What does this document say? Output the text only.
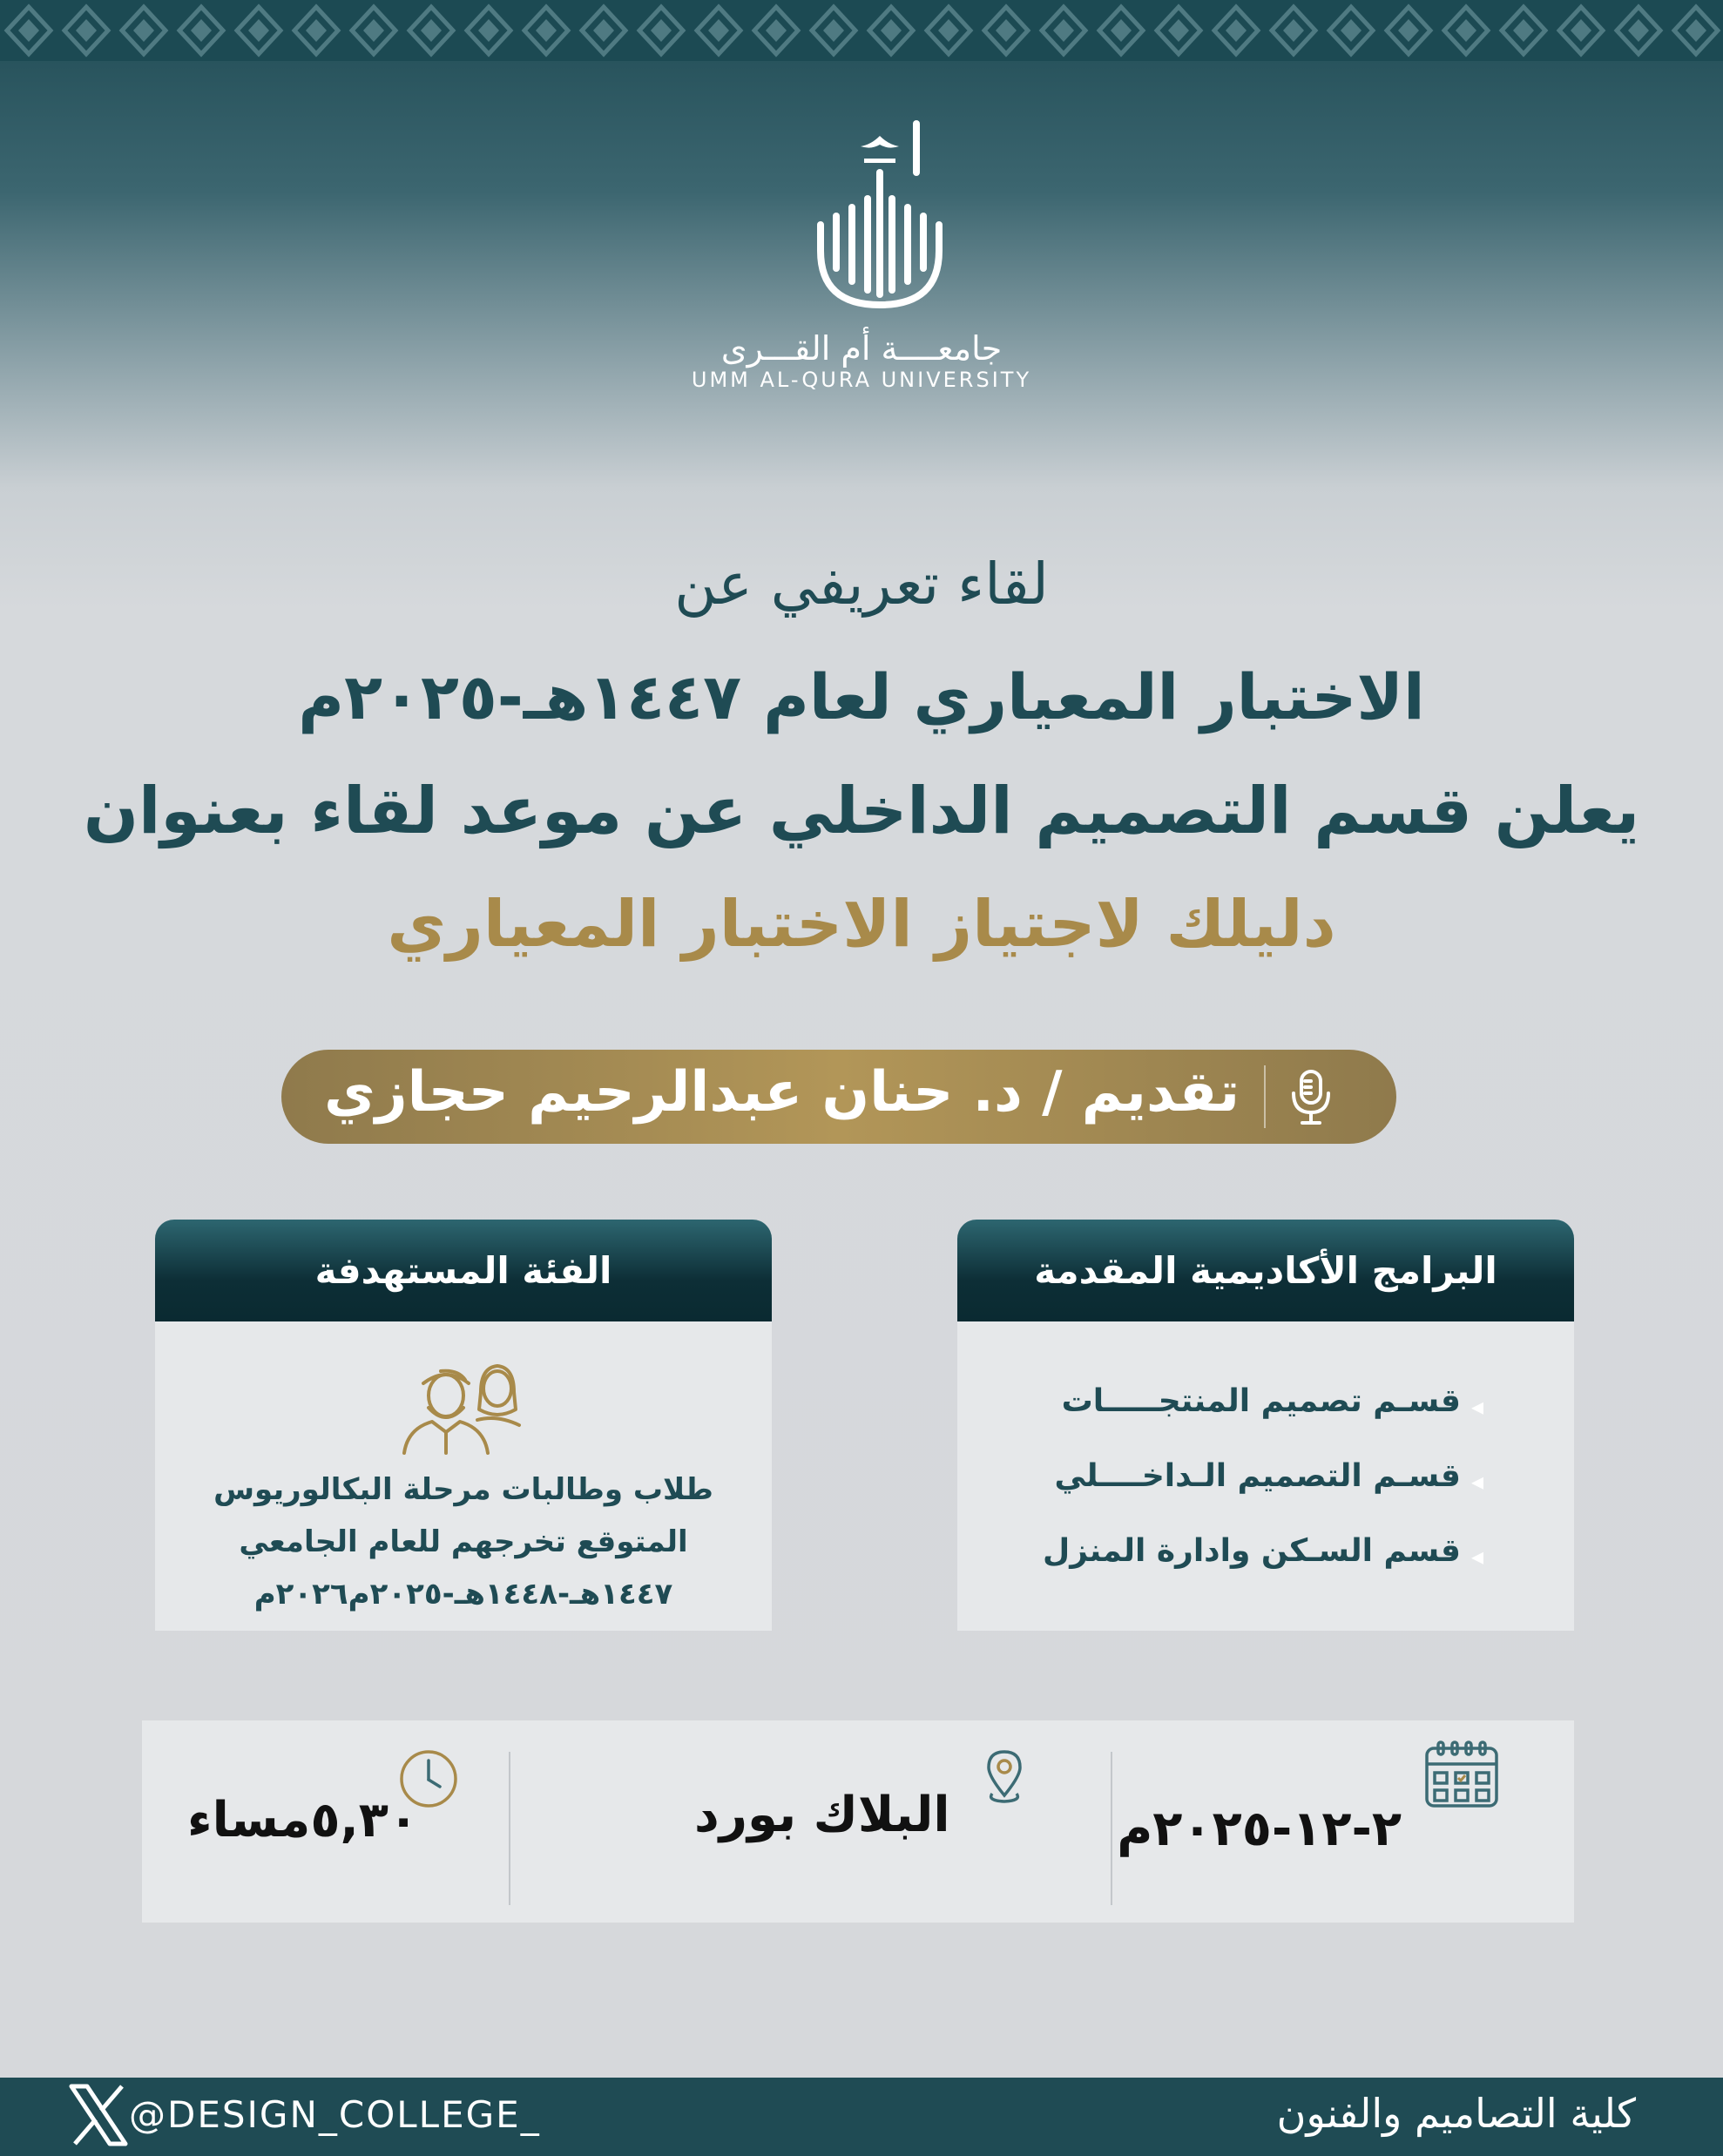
جامعــــة أم القـــرى
UMM AL-QURA UNIVERSITY
لقاء تعريفي عن
الاختبار المعياري لعام ١٤٤٧هـ-٢٠٢٥م
يعلن قسم التصميم الداخلي عن موعد لقاء بعنوان
دليلك لاجتياز الاختبار المعياري
تقديم / د. حنان عبدالرحيم حجازي
البرامج الأكاديمية المقدمة
◂
قسـم تصميم المنتجـــــات
◂
قسـم التصميم الـداخــــلي
◂
قسم السـكن وادارة المنزل
الفئة المستهدفة
طلاب وطالبات مرحلة البكالوريوس
المتوقع تخرجهم للعام الجامعي
١٤٤٧هـ-١٤٤٨هـ-٢٠٢٥م٢٠٢٦م
٢-١٢-٢٠٢٥م
البلاك بورد
٥,٣٠مساء
@DESIGN_COLLEGE_	كلية التصاميم والفنون
